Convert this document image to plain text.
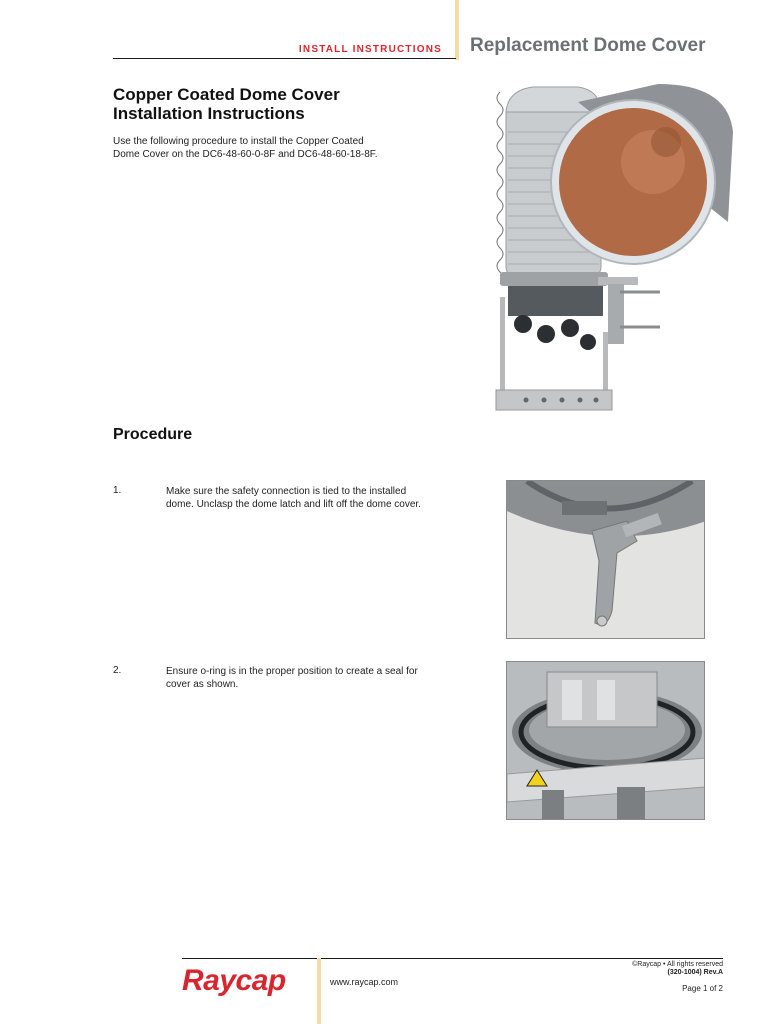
INSTALL INSTRUCTIONS Replacement Dome Cover
Copper Coated Dome Cover
Installation Instructions
Use the following procedure to install the Copper Coated
Dome Cover on the DC6-48-60-0-8F and DC6-48-60-18-8F.
Procedure
1.	Make sure the safety connection is tied to the installed
dome. Unclasp the dome latch and lift off the dome cover.
2.	Ensure o-ring is in the proper position to create a seal for
cover as shown.
Raycap	www.raycap.com
©Raycap • All rights reserved
(320-1004) Rev.A
Page 1 of 2
